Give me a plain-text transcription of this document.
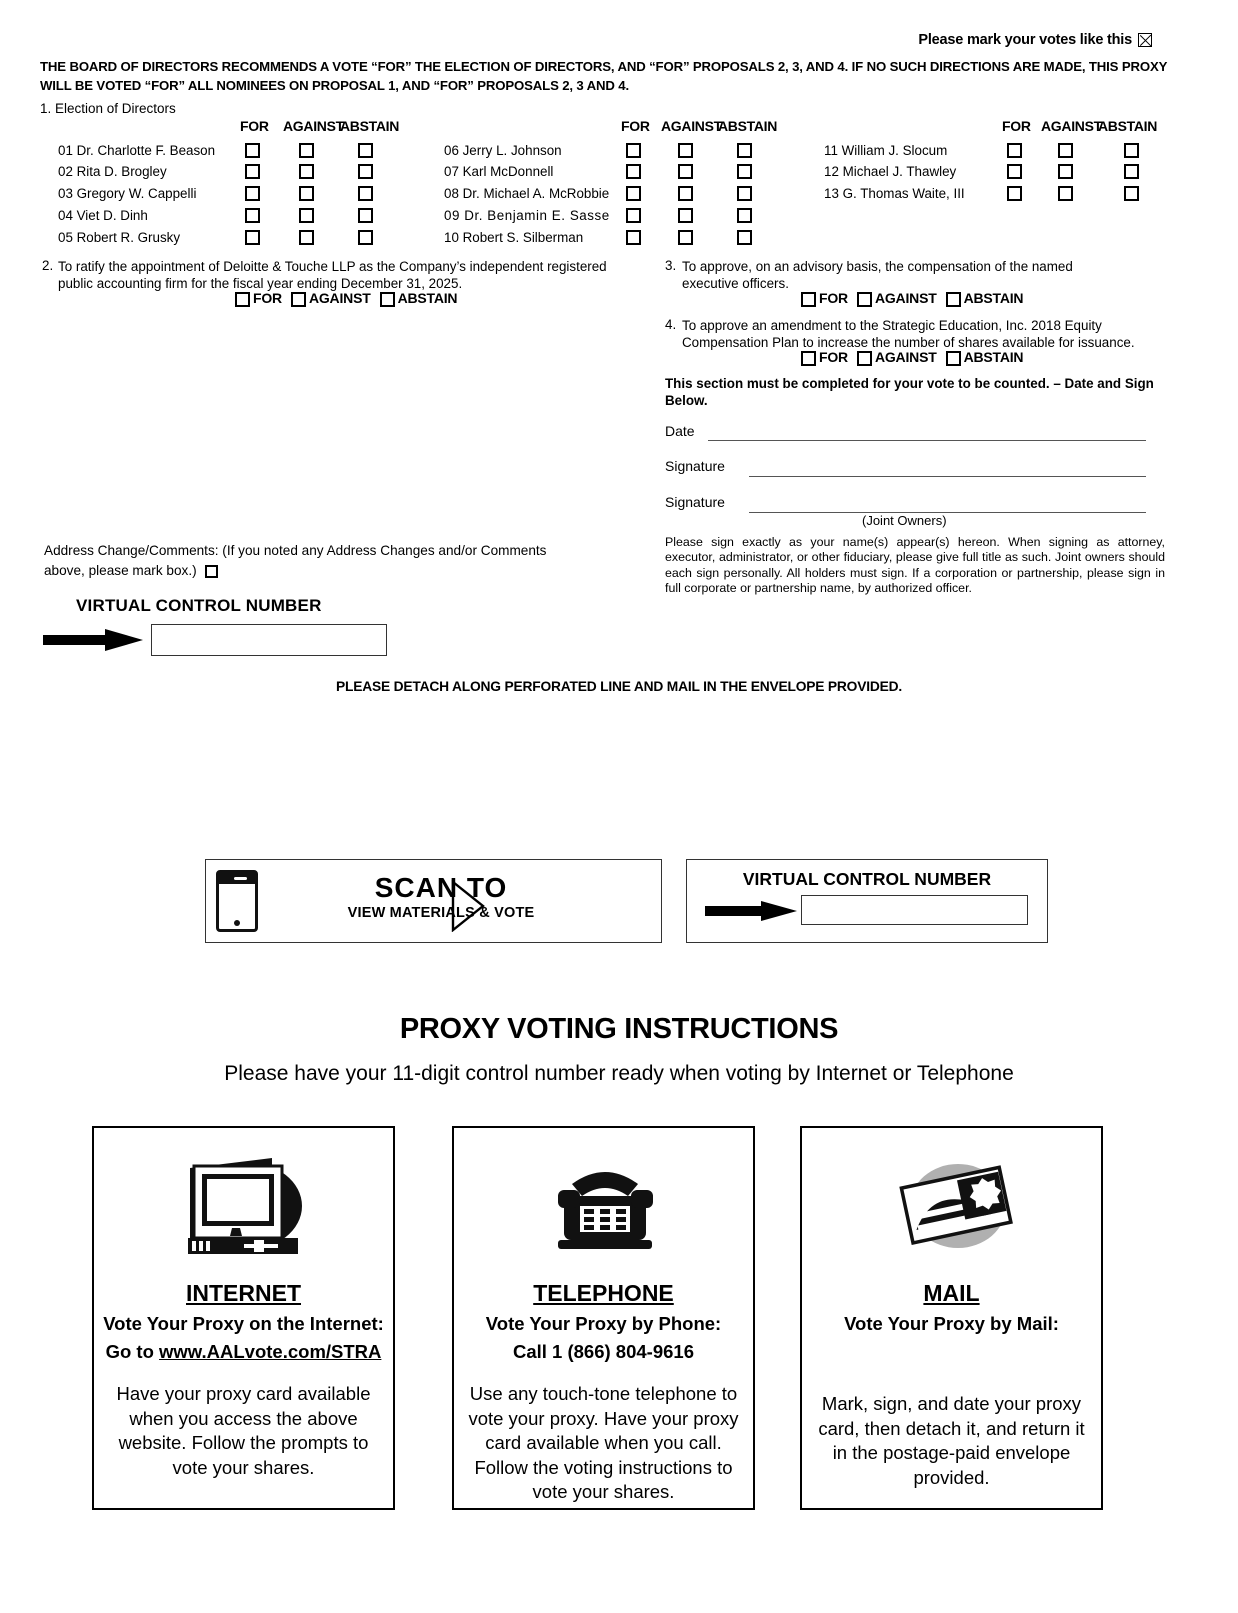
Please mark your votes like this
THE BOARD OF DIRECTORS RECOMMENDS A VOTE “FOR” THE ELECTION OF DIRECTORS, AND “FOR” PROPOSALS 2, 3, AND 4. IF NO SUCH DIRECTIONS ARE MADE, THIS PROXY WILL BE VOTED “FOR” ALL NOMINEES ON PROPOSAL 1, AND “FOR” PROPOSALS 2, 3 AND 4.
1. Election of Directors
FOR AGAINST
ABSTAIN
01 Dr. Charlotte F. Beason
02 Rita D. Brogley
03 Gregory W. Cappelli
04 Viet D. Dinh
05 Robert R. Grusky
FOR AGAINST
ABSTAIN
06 Jerry L. Johnson
07 Karl McDonnell
08 Dr. Michael A. McRobbie
09 Dr. Benjamin E. Sasse
10 Robert S. Silberman
FOR AGAINST
ABSTAIN
11 William J. Slocum
12 Michael J. Thawley
13 G. Thomas Waite, III
2. To ratify the appointment of Deloitte & Touche LLP as the Company’s independent registered
public accounting firm for the fiscal year ending December 31, 2025.
FOR AGAINST ABSTAIN
3. To approve, on an advisory basis, the compensation of the named
executive officers.
FOR AGAINST ABSTAIN
4. To approve an amendment to the Strategic Education, Inc. 2018 Equity
Compensation Plan to increase the number of shares available for issuance.
FOR AGAINST ABSTAIN
This section must be completed for your vote to be counted. – Date and Sign Below.
Date
Signature
Signature
(Joint Owners)
Please sign exactly as your name(s) appear(s) hereon. When signing as attorney, executor, administrator, or other fiduciary, please give full title as such. Joint owners should each sign personally. All holders must sign. If a corporation or partnership, please sign in full corporate or partnership name, by authorized officer.
Address Change/Comments: (If you noted any Address Changes and/or Comments above, please mark box.)
VIRTUAL CONTROL NUMBER
PLEASE DETACH ALONG PERFORATED LINE AND MAIL IN THE ENVELOPE PROVIDED.
SCAN TO
VIEW MATERIALS & VOTE
VIRTUAL CONTROL NUMBER
PROXY VOTING INSTRUCTIONS
Please have your 11-digit control number ready when voting by Internet or Telephone
INTERNET
Vote Your Proxy on the Internet:
Go to www.AALvote.com/STRA
Have your proxy card available when you access the above website. Follow the prompts to vote your shares.
TELEPHONE
Vote Your Proxy by Phone:
Call 1 (866) 804-9616
Use any touch-tone telephone to vote your proxy. Have your proxy card available when you call. Follow the voting instructions to vote your shares.
MAIL
Vote Your Proxy by Mail:
Mark, sign, and date your proxy card, then detach it, and return it in the postage-paid envelope provided.
